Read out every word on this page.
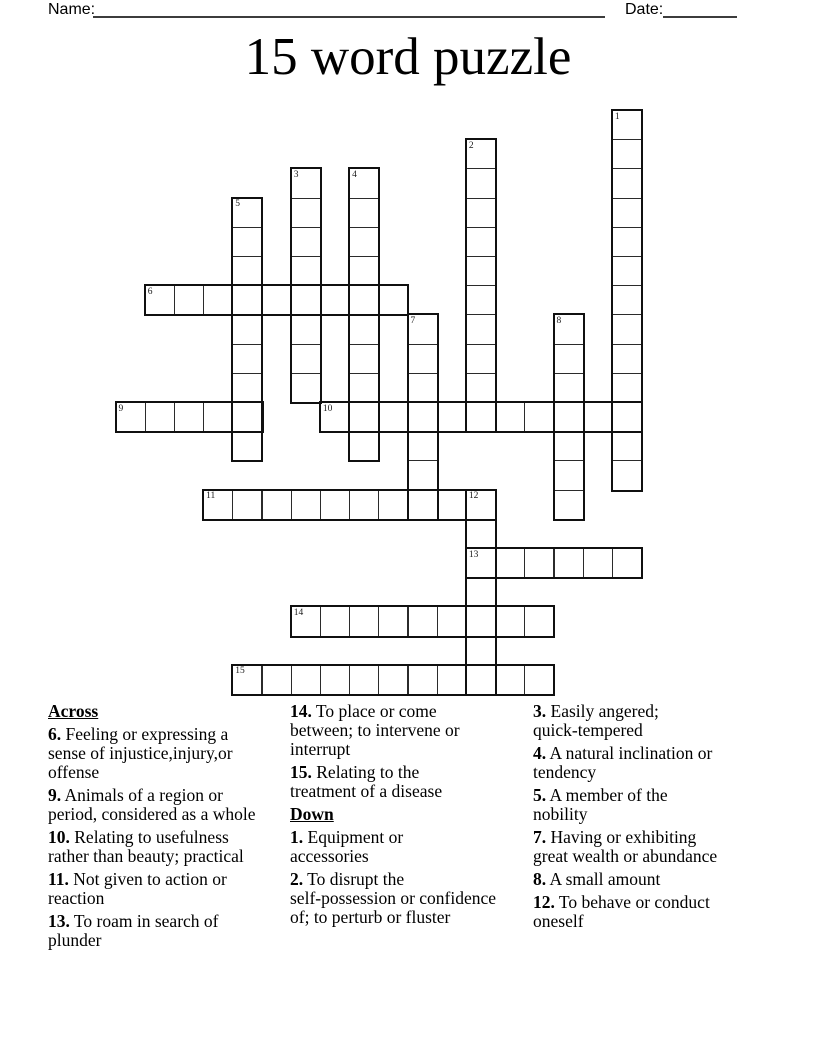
Name:	Date:
15 word puzzle
1
2
3	4
5
6
7	8
9	10
11	12
13
14
15
Across
6. Feeling or expressing a
sense of injustice,injury,or
offense
9. Animals of a region or
period, considered as a whole
10. Relating to usefulness
rather than beauty; practical
11. Not given to action or
reaction
13. To roam in search of
plunder
14. To place or come
between; to intervene or
interrupt
15. Relating to the
treatment of a disease
Down
1. Equipment or
accessories
2. To disrupt the
self-possession or confidence
of; to perturb or fluster
3. Easily angered;
quick-tempered
4. A natural inclination or
tendency
5. A member of the
nobility
7. Having or exhibiting
great wealth or abundance
8. A small amount
12. To behave or conduct
oneself
